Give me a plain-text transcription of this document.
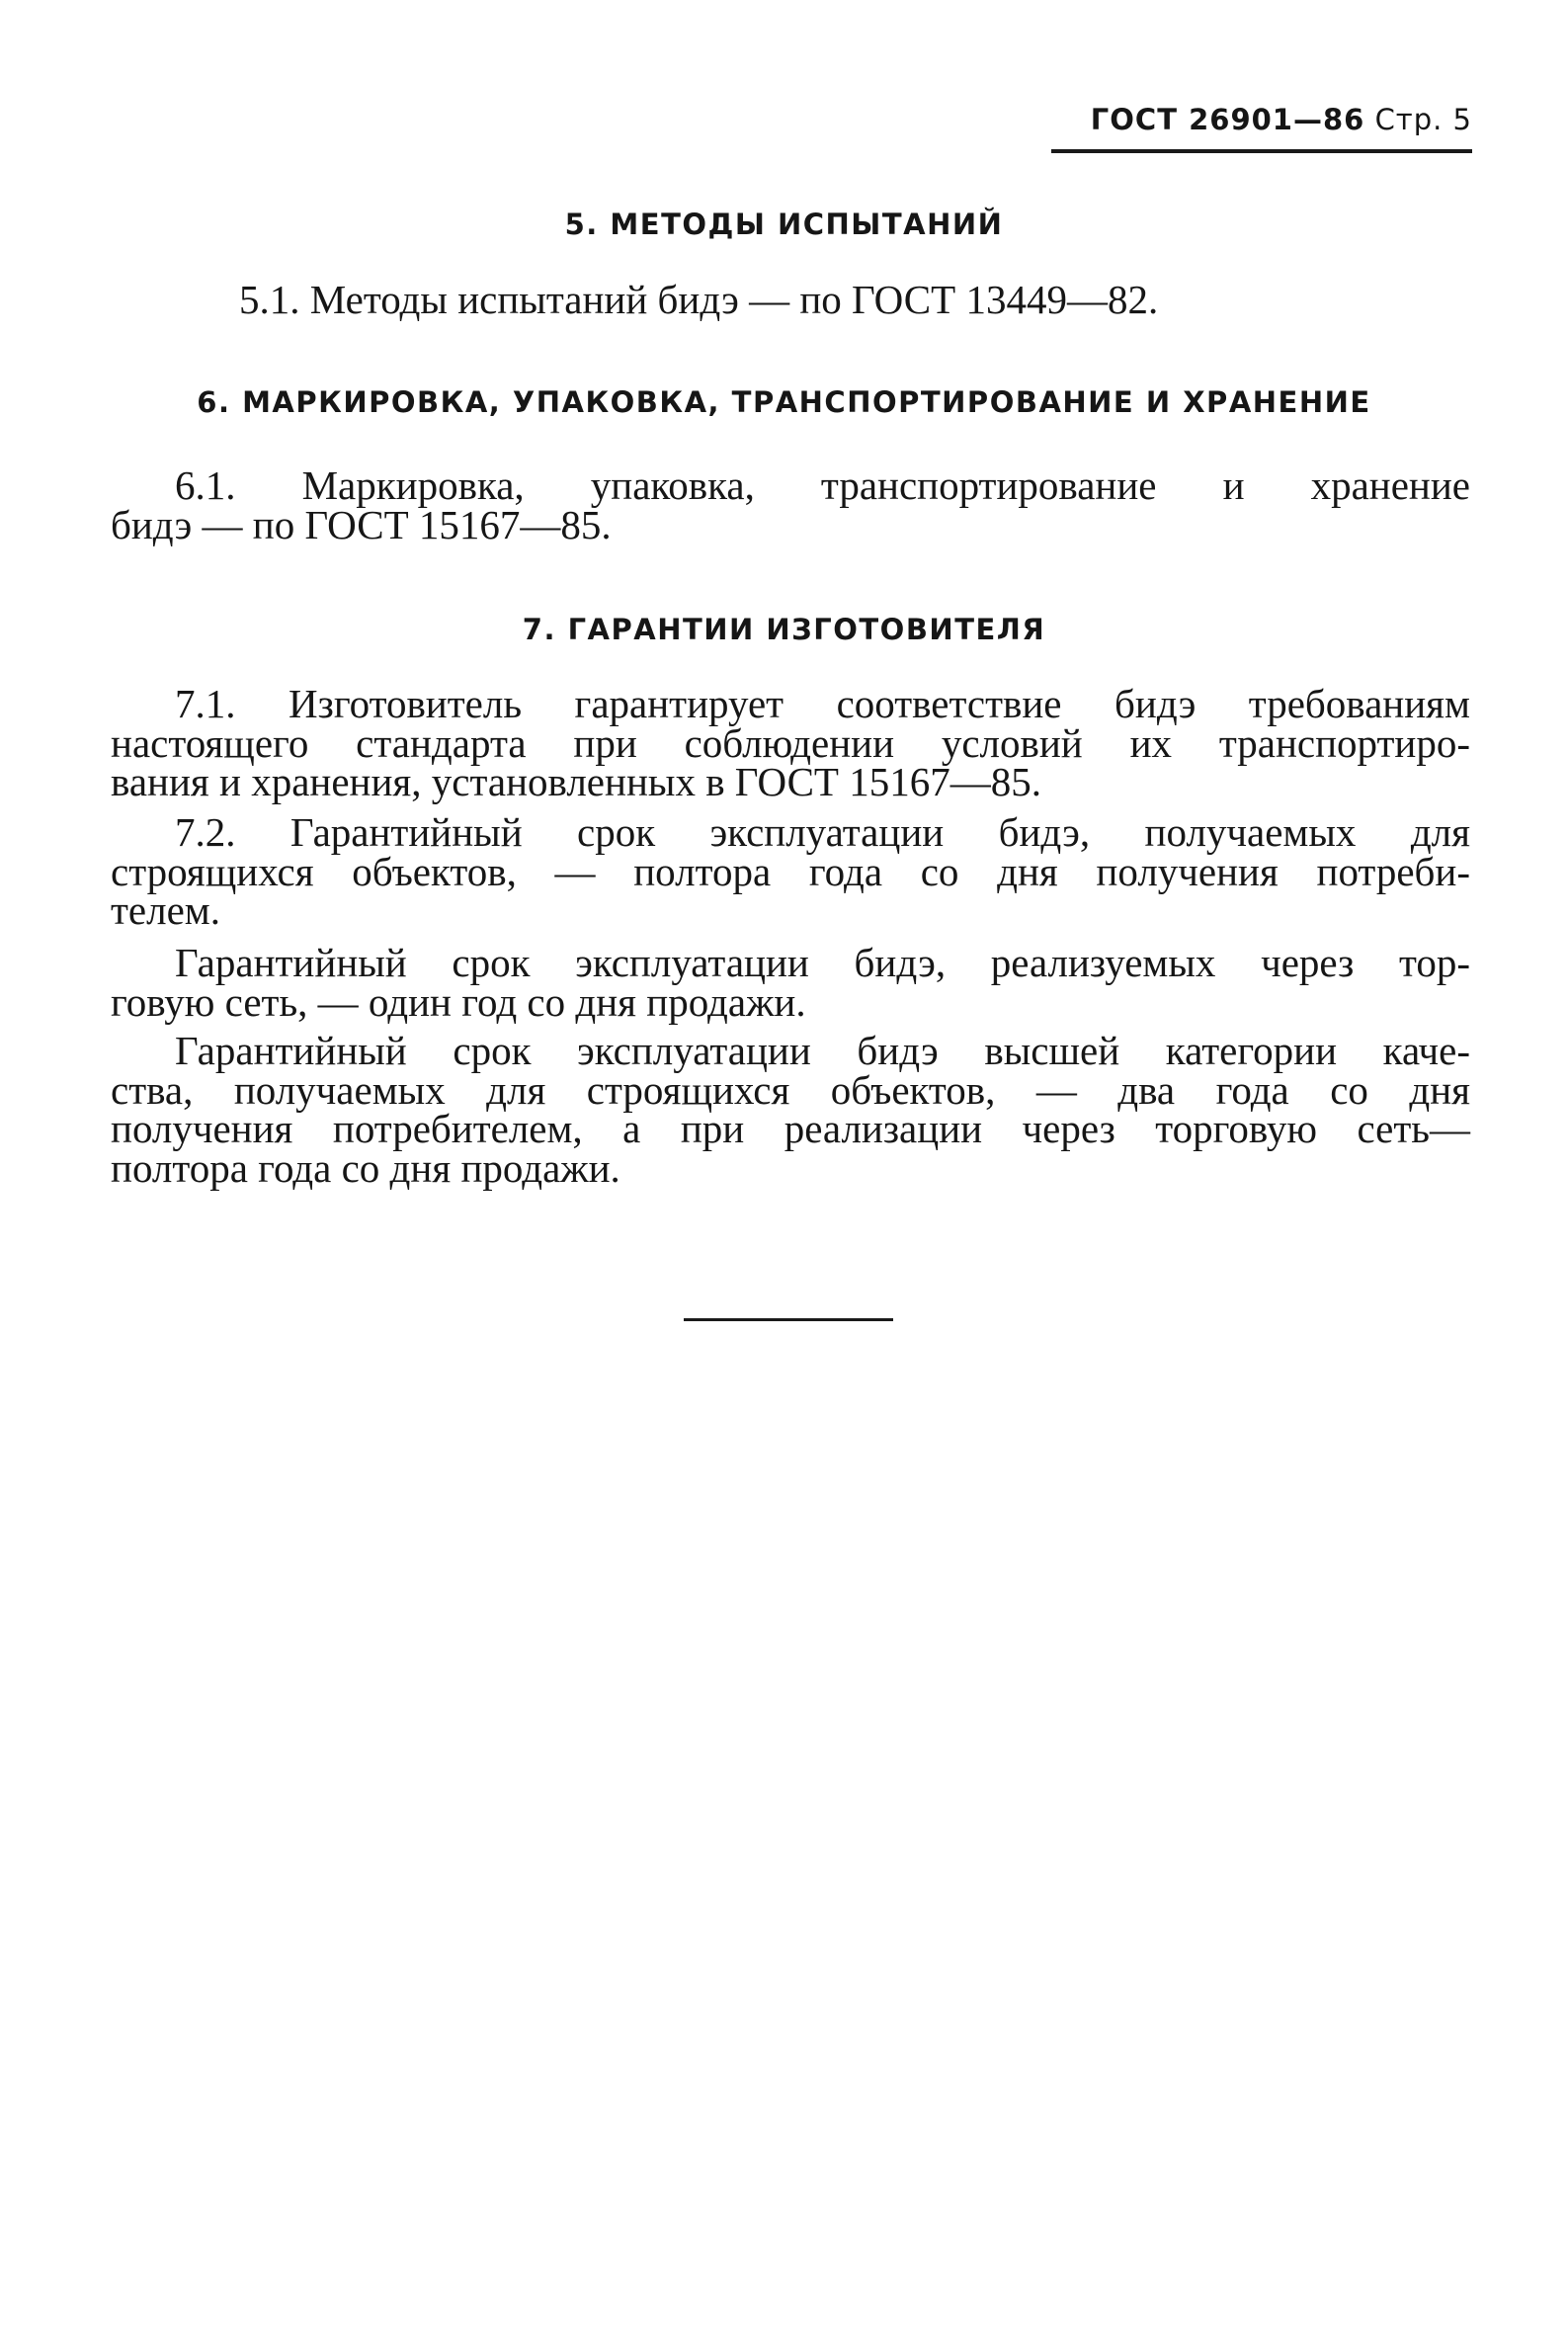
ГОСТ 26901—86 Стр. 5
5. МЕТОДЫ ИСПЫТАНИЙ
5.1. Методы испытаний бидэ — по ГОСТ 13449—82.
6. МАРКИРОВКА, УПАКОВКА, ТРАНСПОРТИРОВАНИЕ И ХРАНЕНИЕ
6.1. Маркировка, упаковка, транспортирование и хранение
бидэ — по ГОСТ 15167—85.
7. ГАРАНТИИ ИЗГОТОВИТЕЛЯ
7.1. Изготовитель гарантирует соответствие бидэ требованиям
настоящего стандарта при соблюдении условий их транспортиро-
вания и хранения, установленных в ГОСТ 15167—85.
7.2. Гарантийный срок эксплуатации бидэ, получаемых для
строящихся объектов, — полтора года со дня получения потреби-
телем.
Гарантийный срок эксплуатации бидэ, реализуемых через тор-
говую сеть, — один год со дня продажи.
Гарантийный срок эксплуатации бидэ высшей категории каче-
ства, получаемых для строящихся объектов, — два года со дня
получения потребителем, а при реализации через торговую сеть—
полтора года со дня продажи.
